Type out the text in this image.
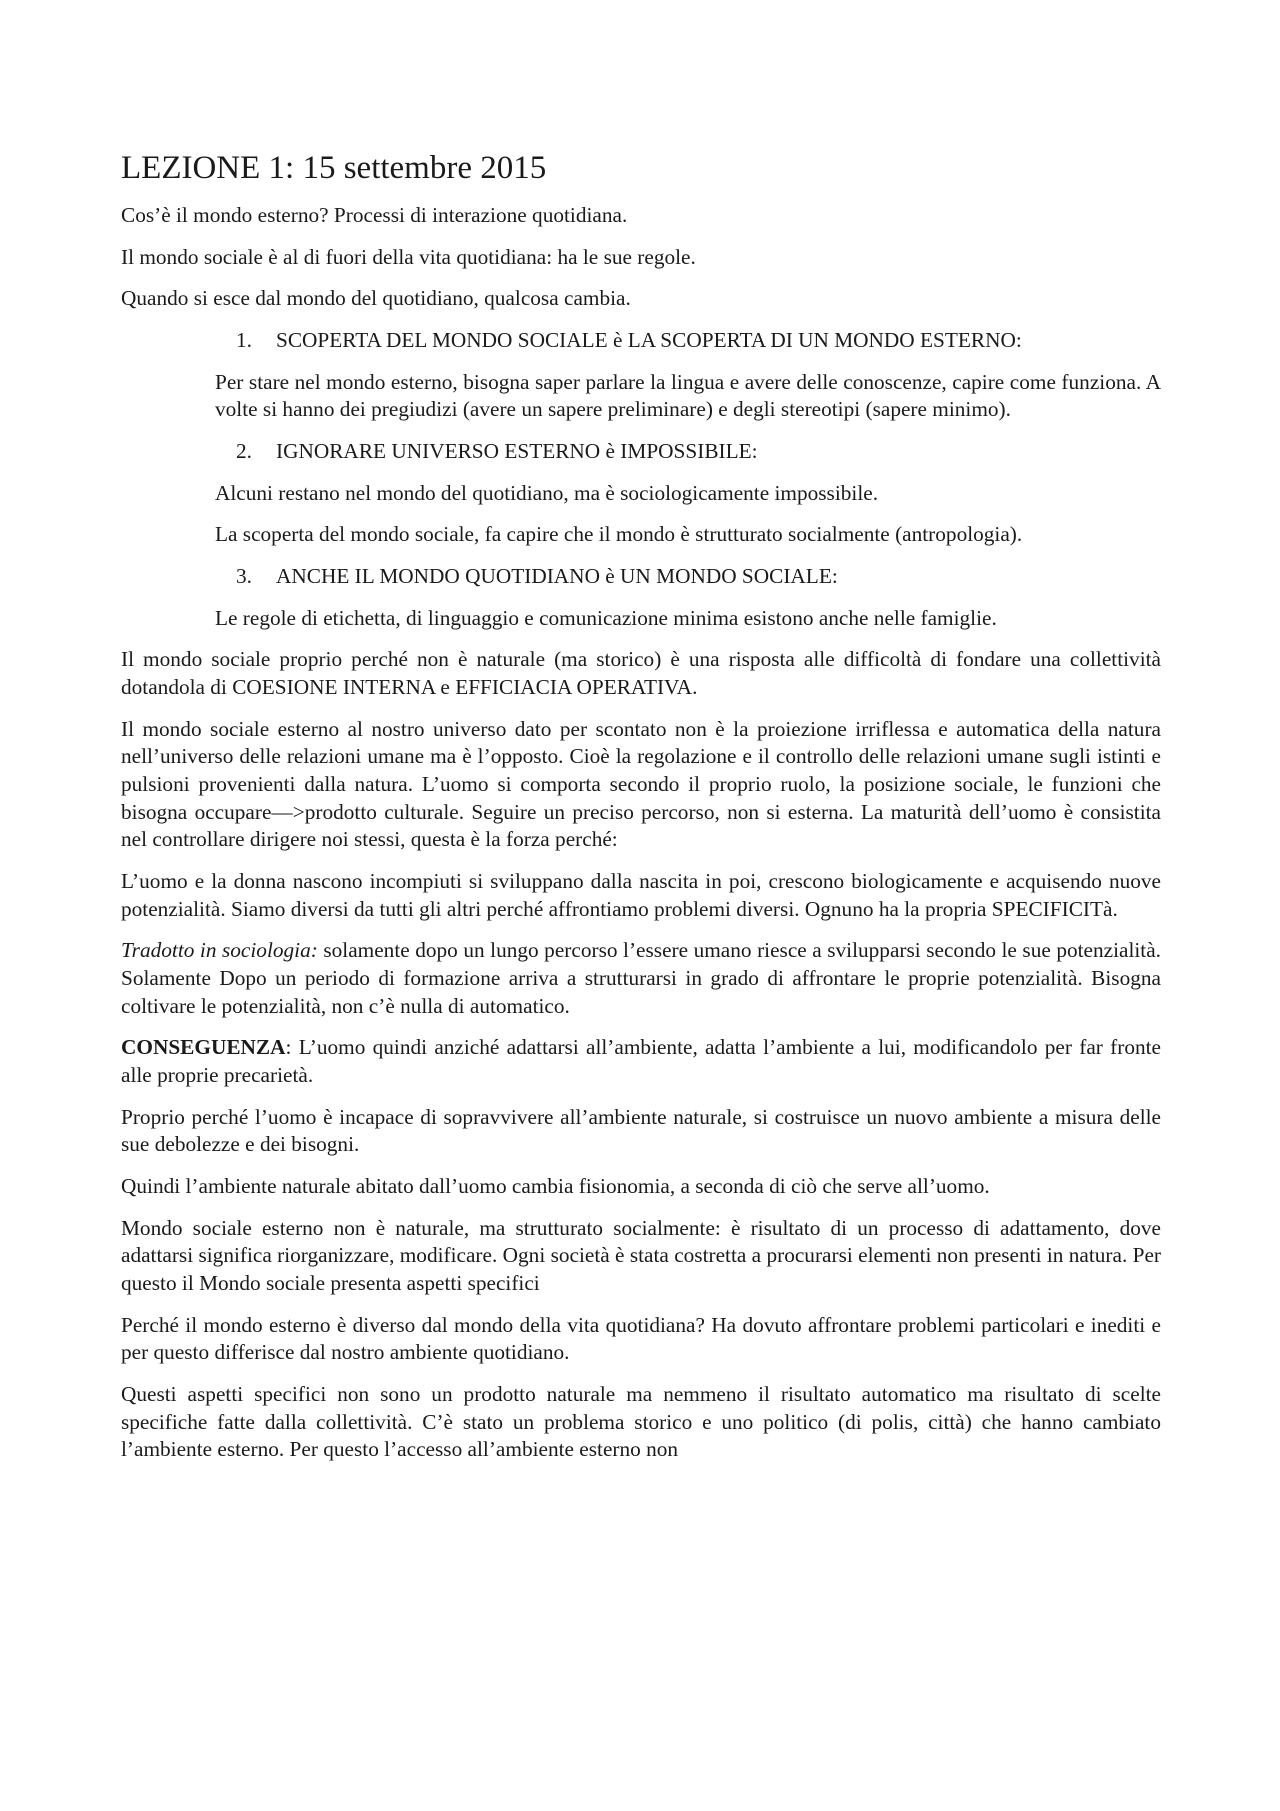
LEZIONE 1: 15 settembre 2015

Cos’è il mondo esterno? Processi di interazione quotidiana.

Il mondo sociale è al di fuori della vita quotidiana: ha le sue regole.

Quando si esce dal mondo del quotidiano, qualcosa cambia.

1. SCOPERTA DEL MONDO SOCIALE è LA SCOPERTA DI UN MONDO ESTERNO:

Per stare nel mondo esterno, bisogna saper parlare la lingua e avere delle conoscenze, capire come funziona. A volte si hanno dei pregiudizi (avere un sapere preliminare) e degli stereotipi (sapere minimo).

2. IGNORARE UNIVERSO ESTERNO è IMPOSSIBILE:

Alcuni restano nel mondo del quotidiano, ma è sociologicamente impossibile.

La scoperta del mondo sociale, fa capire che il mondo è strutturato socialmente (antropologia).

3. ANCHE IL MONDO QUOTIDIANO è UN MONDO SOCIALE:

Le regole di etichetta, di linguaggio e comunicazione minima esistono anche nelle famiglie.

Il mondo sociale proprio perché non è naturale (ma storico) è una risposta alle difficoltà di fondare una collettività dotandola di COESIONE INTERNA e EFFICIACIA OPERATIVA.

Il mondo sociale esterno al nostro universo dato per scontato non è la proiezione irriflessa e automatica della natura nell’universo delle relazioni umane ma è l’opposto. Cioè la regolazione e il controllo delle relazioni umane sugli istinti e pulsioni provenienti dalla natura. L’uomo si comporta secondo il proprio ruolo, la posizione sociale, le funzioni che bisogna occupare—>prodotto culturale. Seguire un preciso percorso, non si esterna. La maturità dell’uomo è consistita nel controllare dirigere noi stessi, questa è la forza perché:

L’uomo e la donna nascono incompiuti si sviluppano dalla nascita in poi, crescono biologicamente e acquisendo nuove potenzialità. Siamo diversi da tutti gli altri perché affrontiamo problemi diversi. Ognuno ha la propria SPECIFICITà.

Tradotto in sociologia: solamente dopo un lungo percorso l’essere umano riesce a svilupparsi secondo le sue potenzialità. Solamente Dopo un periodo di formazione arriva a strutturarsi in grado di affrontare le proprie potenzialità. Bisogna coltivare le potenzialità, non c’è nulla di automatico.

CONSEGUENZA: L’uomo quindi anziché adattarsi all’ambiente, adatta l’ambiente a lui, modificandolo per far fronte alle proprie precarietà.

Proprio perché l’uomo è incapace di sopravvivere all’ambiente naturale, si costruisce un nuovo ambiente a misura delle sue debolezze e dei bisogni.

Quindi l’ambiente naturale abitato dall’uomo cambia fisionomia, a seconda di ciò che serve all’uomo.

Mondo sociale esterno non è naturale, ma strutturato socialmente: è risultato di un processo di adattamento, dove adattarsi significa riorganizzare, modificare. Ogni società è stata costretta a procurarsi elementi non presenti in natura. Per questo il Mondo sociale presenta aspetti specifici

Perché il mondo esterno è diverso dal mondo della vita quotidiana? Ha dovuto affrontare problemi particolari e inediti e per questo differisce dal nostro ambiente quotidiano.

Questi aspetti specifici non sono un prodotto naturale ma nemmeno il risultato automatico ma risultato di scelte specifiche fatte dalla collettività. C’è stato un problema storico e uno politico (di polis, città) che hanno cambiato l’ambiente esterno. Per questo l’accesso all’ambiente esterno non
